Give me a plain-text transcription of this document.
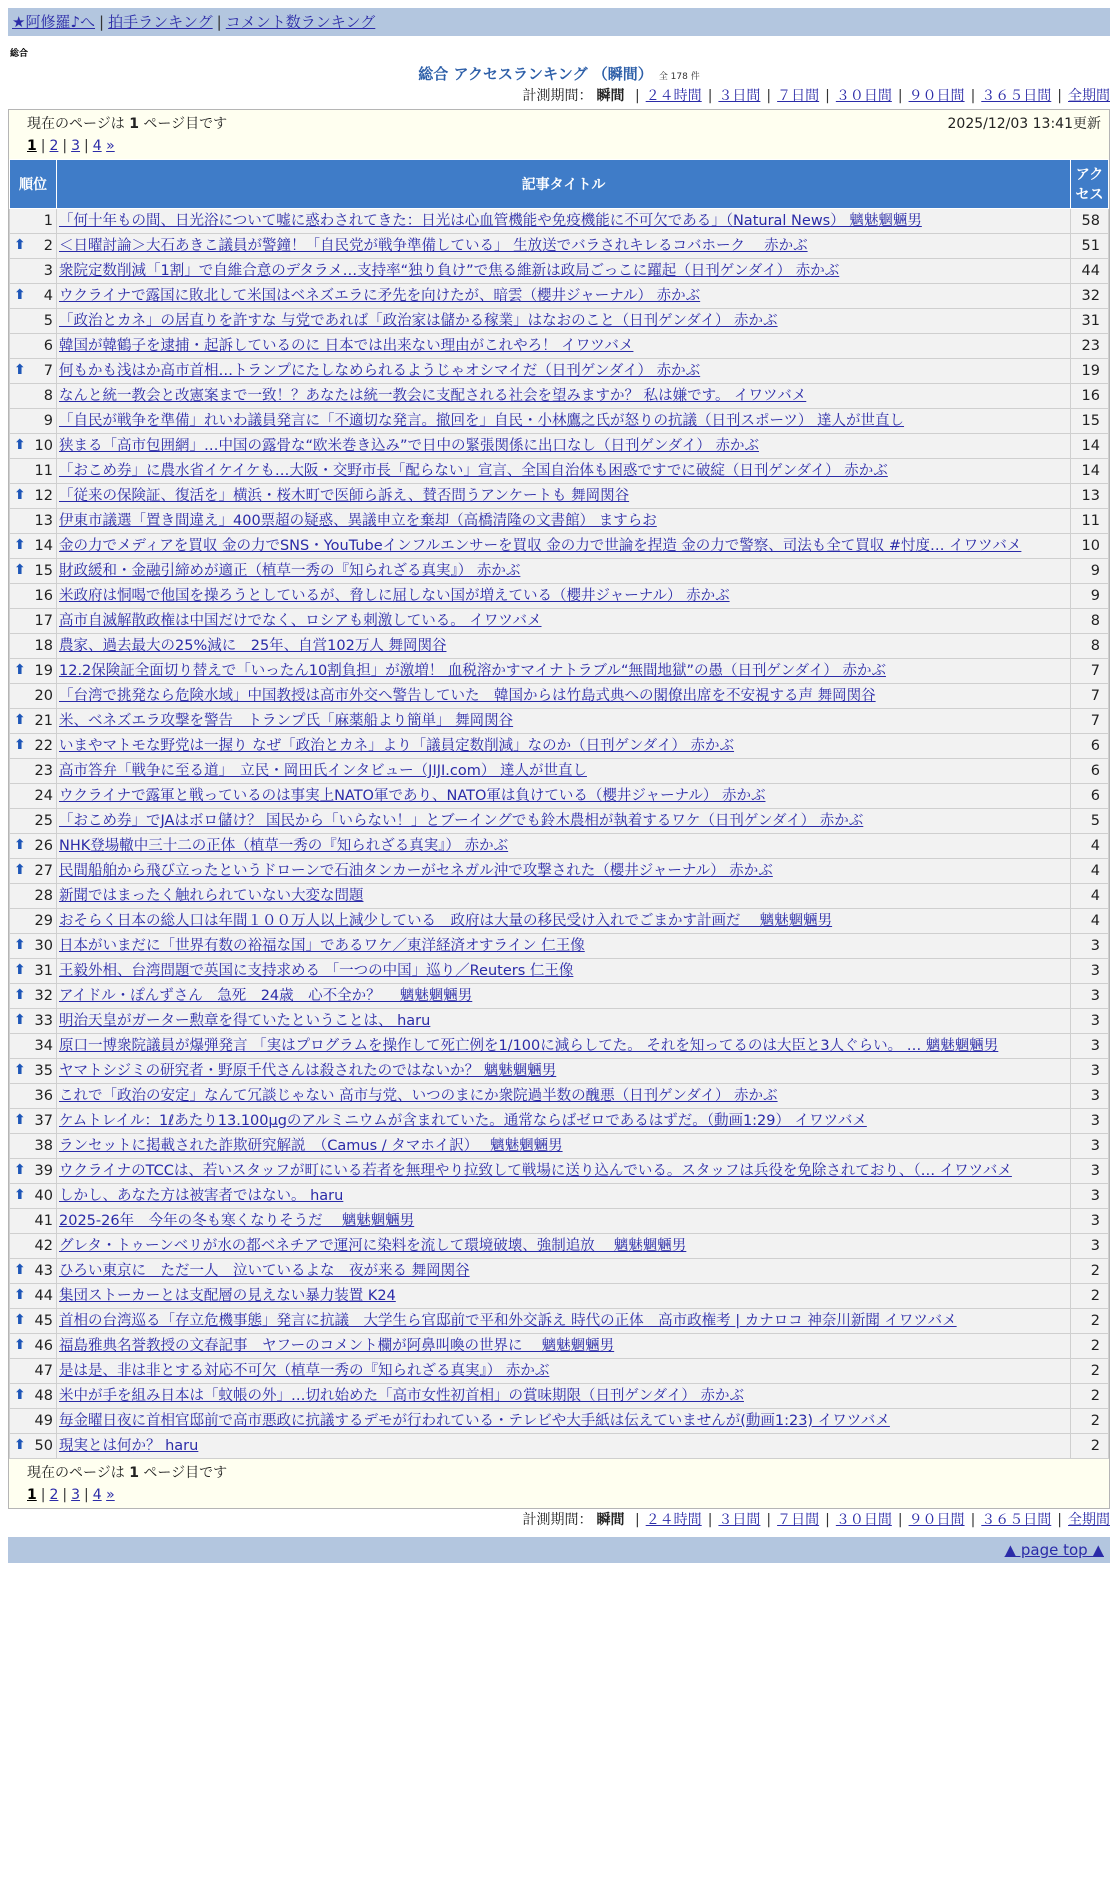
★阿修羅♪へ | 拍手ランキング | コメント数ランキング
総合
総合 アクセスランキング （瞬間） 全 178 件
計測期間： 瞬間 | ２４時間 | ３日間 | ７日間 | ３０日間 | ９０日間 | ３６５日間 | 全期間
現在のページは 1 ページ目です	2025/12/03 13:41更新
1 | 2 | 3 | 4 »
順位	記事タイトル	アクセス
1	「何十年もの間、日光浴について嘘に惑わされてきた：日光は心血管機能や免疫機能に不可欠である」（Natural News） 魑魅魍魎男	58

⬆ 2	＜日曜討論＞大石あきこ議員が警鐘！「自民党が戦争準備している」 生放送でバラされキレるコバホーク　 赤かぶ	51
3	衆院定数削減「1割」で自維合意のデタラメ…支持率“独り負け”で焦る維新は政局ごっこに躍起（日刊ゲンダイ） 赤かぶ	44

⬆ 4	ウクライナで露国に敗北して米国はベネズエラに矛先を向けたが、暗雲（櫻井ジャーナル） 赤かぶ	32
5	「政治とカネ」の居直りを許すな 与党であれば「政治家は儲かる稼業」はなおのこと（日刊ゲンダイ） 赤かぶ	31
6	韓国が韓鶴子を逮捕・起訴しているのに 日本では出来ない理由がこれやろ！ イワツバメ	23

⬆ 7	何もかも浅はか高市首相…トランプにたしなめられるようじゃオシマイだ（日刊ゲンダイ） 赤かぶ	19
8	なんと統一教会と改憲案まで一致！？あなたは統一教会に支配される社会を望みますか？ 私は嫌です。 イワツバメ	16
9	「自民が戦争を準備」れいわ議員発言に「不適切な発言。撤回を」自民・小林鷹之氏が怒りの抗議（日刊スポーツ） 達人が世直し	15

⬆ 10	狭まる「高市包囲網」…中国の露骨な“欧米巻き込み”で日中の緊張関係に出口なし（日刊ゲンダイ） 赤かぶ	14
11	「おこめ券」に農水省イケイケも…大阪・交野市長「配らない」宣言、全国自治体も困惑ですでに破綻（日刊ゲンダイ） 赤かぶ	14

⬆ 12	「従来の保険証、復活を」横浜・桜木町で医師ら訴え、賛否問うアンケートも 舞岡関谷	13
13	伊東市議選「置き間違え」400票超の疑惑、異議申立を棄却（高橋清隆の文書館） ますらお	11

⬆ 14	金の力でメディアを買収 金の力でSNS・YouTubeインフルエンサーを買収 金の力で世論を捏造 金の力で警察、司法も全て買収 #忖度… イワツバメ	10

⬆ 15	財政緩和・金融引締めが適正（植草一秀の『知られざる真実』） 赤かぶ	9
16	米政府は恫喝で他国を操ろうとしているが、脅しに屈しない国が増えている（櫻井ジャーナル） 赤かぶ	9
17	高市自滅解散政権は中国だけでなく、ロシアも刺激している。 イワツバメ	8
18	農家、過去最大の25%減に　25年、自営102万人 舞岡関谷	8

⬆ 19	12.2保険証全面切り替えで「いったん10割負担」が激増！ 血税溶かすマイナトラブル“無間地獄”の愚（日刊ゲンダイ） 赤かぶ	7
20	「台湾で挑発なら危険水域」中国教授は高市外交へ警告していた　韓国からは竹島式典への閣僚出席を不安視する声 舞岡関谷	7

⬆ 21	米、ベネズエラ攻撃を警告　トランプ氏「麻薬船より簡単」 舞岡関谷	7

⬆ 22	いまやマトモな野党は一握り なぜ「政治とカネ」より「議員定数削減」なのか（日刊ゲンダイ） 赤かぶ	6
23	高市答弁「戦争に至る道」　立民・岡田氏インタビュー（JIJI.com） 達人が世直し	6
24	ウクライナで露軍と戦っているのは事実上NATO軍であり、NATO軍は負けている（櫻井ジャーナル） 赤かぶ	6
25	「おこめ券」でJAはボロ儲け？ 国民から「いらない！」とブーイングでも鈴木農相が執着するワケ（日刊ゲンダイ） 赤かぶ	5

⬆ 26	NHK登場轍中三十二の正体（植草一秀の『知られざる真実』） 赤かぶ	4

⬆ 27	民間船舶から飛び立ったというドローンで石油タンカーがセネガル沖で攻撃された（櫻井ジャーナル） 赤かぶ	4
28	新聞ではまったく触れられていない大変な問題	4
29	おそらく日本の総人口は年間１００万人以上減少している　政府は大量の移民受け入れでごまかす計画だ　 魑魅魍魎男	4

⬆ 30	日本がいまだに「世界有数の裕福な国」であるワケ／東洋経済オすライン 仁王像	3

⬆ 31	王毅外相、台湾問題で英国に支持求める 「一つの中国」巡り／Reuters 仁王像	3

⬆ 32	アイドル・ぽんずさん　急死　24歳　心不全か？　 魑魅魍魎男	3

⬆ 33	明治天皇がガーター勲章を得ていたということは、 haru	3
34	原口一博衆院議員が爆弾発言 「実はプログラムを操作して死亡例を1/100に減らしてた。 それを知ってるのは大臣と3人ぐらい。 … 魑魅魍魎男	3

⬆ 35	ヤマトシジミの研究者・野原千代さんは殺されたのではないか？ 魑魅魍魎男	3
36	これで「政治の安定」なんて冗談じゃない 高市与党、いつのまにか衆院過半数の醜悪（日刊ゲンダイ） 赤かぶ	3

⬆ 37	ケムトレイル：1ℓあたり13.100μgのアルミニウムが含まれていた。通常ならばゼロであるはずだ。（動画1:29） イワツバメ	3
38	ランセットに掲載された詐欺研究解説　（Camus / タマホイ訳）　 魑魅魍魎男	3

⬆ 39	ウクライナのTCCは、若いスタッフが町にいる若者を無理やり拉致して戦場に送り込んでいる。スタッフは兵役を免除されており、（… イワツバメ	3

⬆ 40	しかし、あなた方は被害者ではない。 haru	3
41	2025-26年　今年の冬も寒くなりそうだ　 魑魅魍魎男	3
42	グレタ・トゥーンベリが水の都ベネチアで運河に染料を流して環境破壊、強制追放　 魑魅魍魎男	3

⬆ 43	ひろい東京に　ただ一人　泣いているよな　夜が来る 舞岡関谷	2

⬆ 44	集団ストーカーとは支配層の見えない暴力装置 K24	2

⬆ 45	首相の台湾巡る「存立危機事態」発言に抗議　大学生ら官邸前で平和外交訴え 時代の正体　高市政権考 | カナロコ 神奈川新聞 イワツバメ	2

⬆ 46	福島雅典名誉教授の文春記事　ヤフーのコメント欄が阿鼻叫喚の世界に　 魑魅魍魎男	2
47	是は是、非は非とする対応不可欠（植草一秀の『知られざる真実』） 赤かぶ	2

⬆ 48	米中が手を組み日本は「蚊帳の外」…切れ始めた「高市女性初首相」の賞味期限（日刊ゲンダイ） 赤かぶ	2
49	毎金曜日夜に首相官邸前で高市悪政に抗議するデモが行われている・テレビや大手紙は伝えていませんが(動画1:23) イワツバメ	2

⬆ 50	現実とは何か？ haru	2
現在のページは 1 ページ目です
1 | 2 | 3 | 4 »
計測期間： 瞬間 | ２４時間 | ３日間 | ７日間 | ３０日間 | ９０日間 | ３６５日間 | 全期間
▲ page top ▲
